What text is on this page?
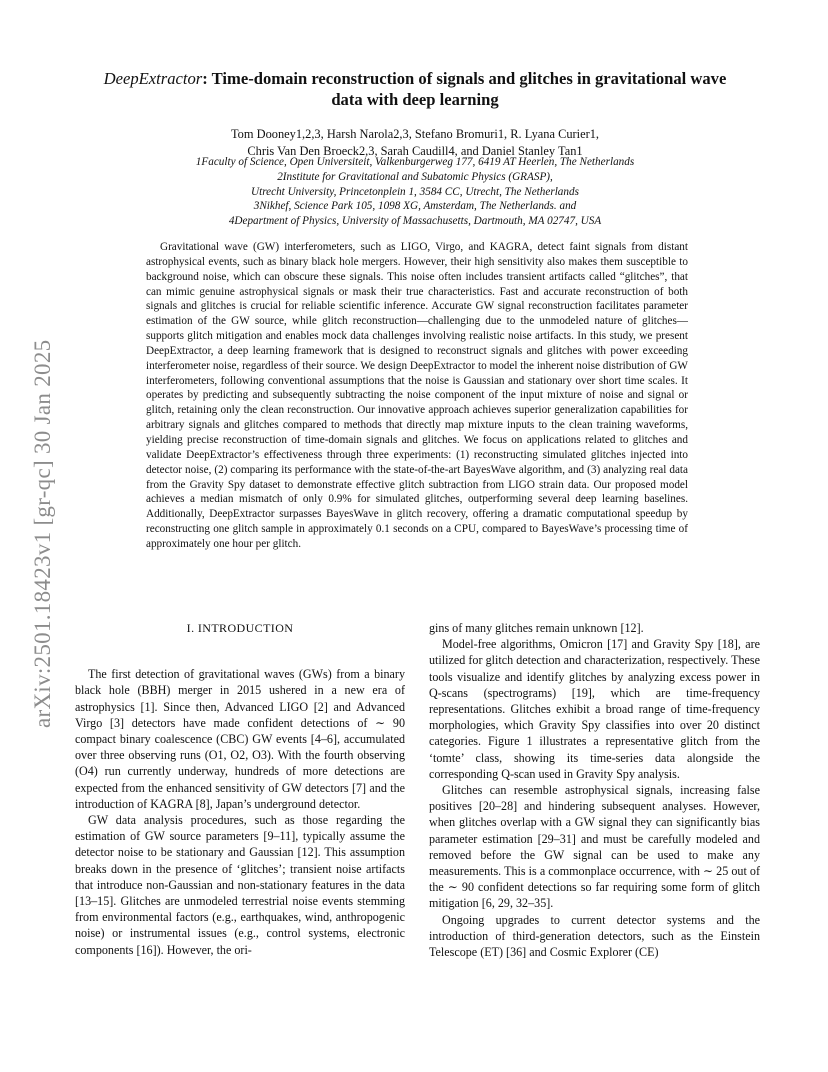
arXiv:2501.18423v1 [gr-qc] 30 Jan 2025
DeepExtractor: Time-domain reconstruction of signals and glitches in gravitational wave data with deep learning
Tom Dooney1,2,3, Harsh Narola2,3, Stefano Bromuri1, R. Lyana Curier1,
Chris Van Den Broeck2,3, Sarah Caudill4, and Daniel Stanley Tan1
1Faculty of Science, Open Universiteit, Valkenburgerweg 177, 6419 AT Heerlen, The Netherlands
2Institute for Gravitational and Subatomic Physics (GRASP),
Utrecht University, Princetonplein 1, 3584 CC, Utrecht, The Netherlands
3Nikhef, Science Park 105, 1098 XG, Amsterdam, The Netherlands. and
4Department of Physics, University of Massachusetts, Dartmouth, MA 02747, USA

Gravitational wave (GW) interferometers, such as LIGO, Virgo, and KAGRA, detect faint signals from distant astrophysical events, such as binary black hole mergers. However, their high sensitivity also makes them susceptible to background noise, which can obscure these signals. This noise often includes transient artifacts called “glitches”, that can mimic genuine astrophysical signals or mask their true characteristics. Fast and accurate reconstruction of both signals and glitches is crucial for reliable scientific inference. Accurate GW signal reconstruction facilitates parameter estimation of the GW source, while glitch reconstruction—challenging due to the unmodeled nature of glitches—supports glitch mitigation and enables mock data challenges involving realistic noise artifacts. In this study, we present DeepExtractor, a deep learning framework that is designed to reconstruct signals and glitches with power exceeding interferometer noise, regardless of their source. We design DeepExtractor to model the inherent noise distribution of GW interferometers, following conventional assumptions that the noise is Gaussian and stationary over short time scales. It operates by predicting and subsequently subtracting the noise component of the input mixture of noise and signal or glitch, retaining only the clean reconstruction. Our innovative approach achieves superior generalization capabilities for arbitrary signals and glitches compared to methods that directly map mixture inputs to the clean training waveforms, yielding precise reconstruction of time-domain signals and glitches. We focus on applications related to glitches and validate DeepExtractor’s effectiveness through three experiments: (1) reconstructing simulated glitches injected into detector noise, (2) comparing its performance with the state-of-the-art BayesWave algorithm, and (3) analyzing real data from the Gravity Spy dataset to demonstrate effective glitch subtraction from LIGO strain data. Our proposed model achieves a median mismatch of only 0.9% for simulated glitches, outperforming several deep learning baselines. Additionally, DeepExtractor surpasses BayesWave in glitch recovery, offering a dramatic computational speedup by reconstructing one glitch sample in approximately 0.1 seconds on a CPU, compared to BayesWave’s processing time of approximately one hour per glitch.

I. INTRODUCTION

The first detection of gravitational waves (GWs) from a binary black hole (BBH) merger in 2015 ushered in a new era of astrophysics [1]. Since then, Advanced LIGO [2] and Advanced Virgo [3] detectors have made confident detections of ∼ 90 compact binary coalescence (CBC) GW events [4–6], accumulated over three observing runs (O1, O2, O3). With the fourth observing (O4) run currently underway, hundreds of more detections are expected from the enhanced sensitivity of GW detectors [7] and the introduction of KAGRA [8], Japan’s underground detector.

GW data analysis procedures, such as those regarding the estimation of GW source parameters [9–11], typically assume the detector noise to be stationary and Gaussian [12]. This assumption breaks down in the presence of ‘glitches’; transient noise artifacts that introduce non-Gaussian and non-stationary features in the data [13–15]. Glitches are unmodeled terrestrial noise events stemming from environmental factors (e.g., earthquakes, wind, anthropogenic noise) or instrumental issues (e.g., control systems, electronic components [16]). However, the ori-

gins of many glitches remain unknown [12].

Model-free algorithms, Omicron [17] and Gravity Spy [18], are utilized for glitch detection and characterization, respectively. These tools visualize and identify glitches by analyzing excess power in Q-scans (spectrograms) [19], which are time-frequency representations. Glitches exhibit a broad range of time-frequency morphologies, which Gravity Spy classifies into over 20 distinct categories. Figure 1 illustrates a representative glitch from the ‘tomte’ class, showing its time-series data alongside the corresponding Q-scan used in Gravity Spy analysis.

Glitches can resemble astrophysical signals, increasing false positives [20–28] and hindering subsequent analyses. However, when glitches overlap with a GW signal they can significantly bias parameter estimation [29–31] and must be carefully modeled and removed before the GW signal can be used to make any measurements. This is a commonplace occurrence, with ∼ 25 out of the ∼ 90 confident detections so far requiring some form of glitch mitigation [6, 29, 32–35].

Ongoing upgrades to current detector systems and the introduction of third-generation detectors, such as the Einstein Telescope (ET) [36] and Cosmic Explorer (CE)
